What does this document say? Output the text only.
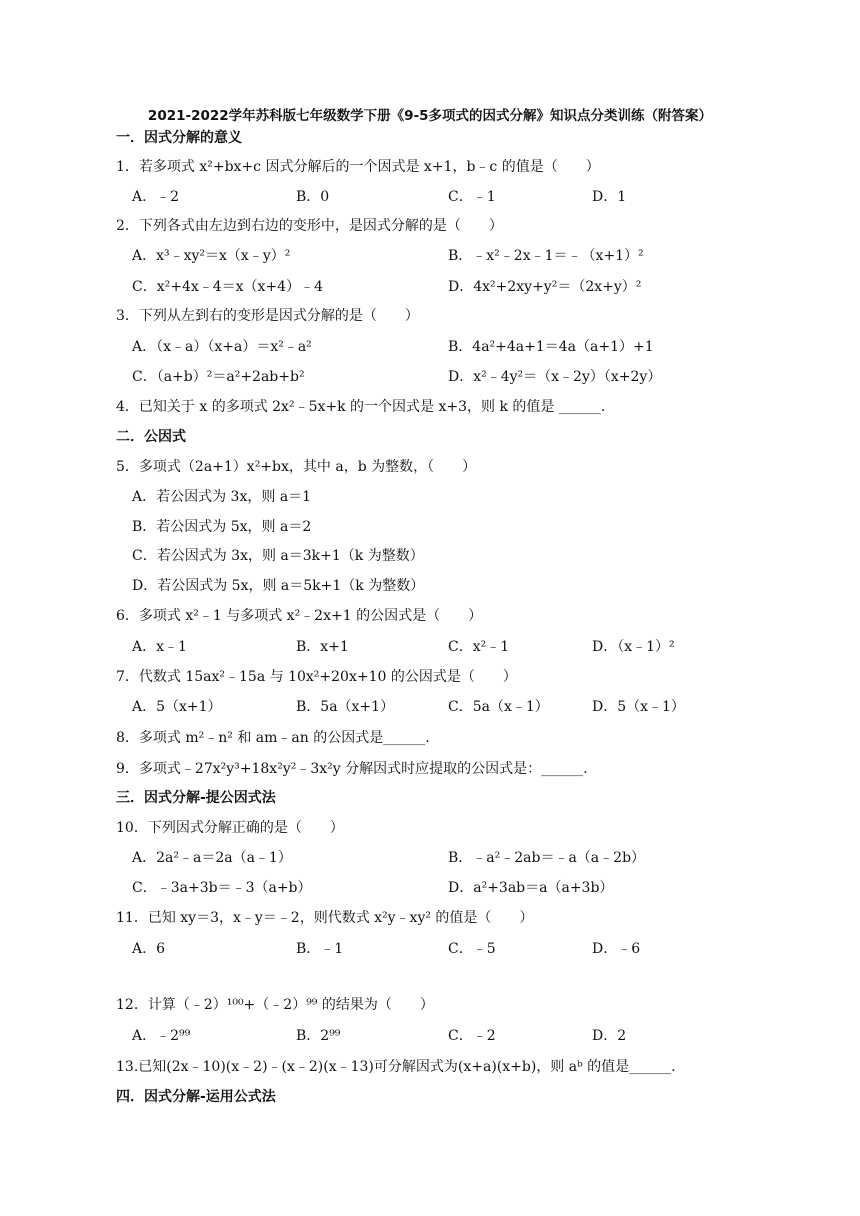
2021-2022学年苏科版七年级数学下册《9-5多项式的因式分解》知识点分类训练（附答案）
一．因式分解的意义
1．若多项式 x²+bx+c 因式分解后的一个因式是 x+1，b﹣c 的值是（　　）
A．﹣2	B．0	C．﹣1	D．1
2．下列各式由左边到右边的变形中，是因式分解的是（　　）
A．x³﹣xy²＝x（x﹣y）²	B．﹣x²﹣2x﹣1＝﹣（x+1）²
C．x²+4x﹣4＝x（x+4）﹣4	D．4x²+2xy+y²＝（2x+y）²
3．下列从左到右的变形是因式分解的是（　　）
A．（x﹣a）（x+a）＝x²﹣a²	B．4a²+4a+1＝4a（a+1）+1
C．（a+b）²＝a²+2ab+b²	D．x²﹣4y²＝（x﹣2y）（x+2y）
4．已知关于 x 的多项式 2x²﹣5x+k 的一个因式是 x+3，则 k 的值是 ______.
二．公因式
5．多项式（2a+1）x²+bx，其中 a，b 为整数，（　　）
A．若公因式为 3x，则 a＝1
B．若公因式为 5x，则 a＝2
C．若公因式为 3x，则 a＝3k+1（k 为整数）
D．若公因式为 5x，则 a＝5k+1（k 为整数）
6．多项式 x²﹣1 与多项式 x²﹣2x+1 的公因式是（　　）
A．x﹣1	B．x+1	C．x²﹣1	D．（x﹣1）²
7．代数式 15ax²﹣15a 与 10x²+20x+10 的公因式是（　　）
A．5（x+1）	B．5a（x+1）	C．5a（x﹣1）	D．5（x﹣1）
8．多项式 m²﹣n² 和 am﹣an 的公因式是______.
9．多项式﹣27x²y³+18x²y²﹣3x²y 分解因式时应提取的公因式是：______.
三．因式分解-提公因式法
10．下列因式分解正确的是（　　）
A．2a²﹣a＝2a（a﹣1）	B．﹣a²﹣2ab＝﹣a（a﹣2b）
C．﹣3a+3b＝﹣3（a+b）	D．a²+3ab＝a（a+3b）
11．已知 xy＝3，x﹣y＝﹣2，则代数式 x²y﹣xy² 的值是（　　）
A．6	B．﹣1	C．﹣5	D．﹣6
12．计算（﹣2）¹⁰⁰+（﹣2）⁹⁹ 的结果为（　　）
A．﹣2⁹⁹	B．2⁹⁹	C．﹣2	D．2
13.已知(2x﹣10)(x﹣2)﹣(x﹣2)(x﹣13)可分解因式为(x+a)(x+b)，则 aᵇ 的值是______.
四．因式分解-运用公式法
